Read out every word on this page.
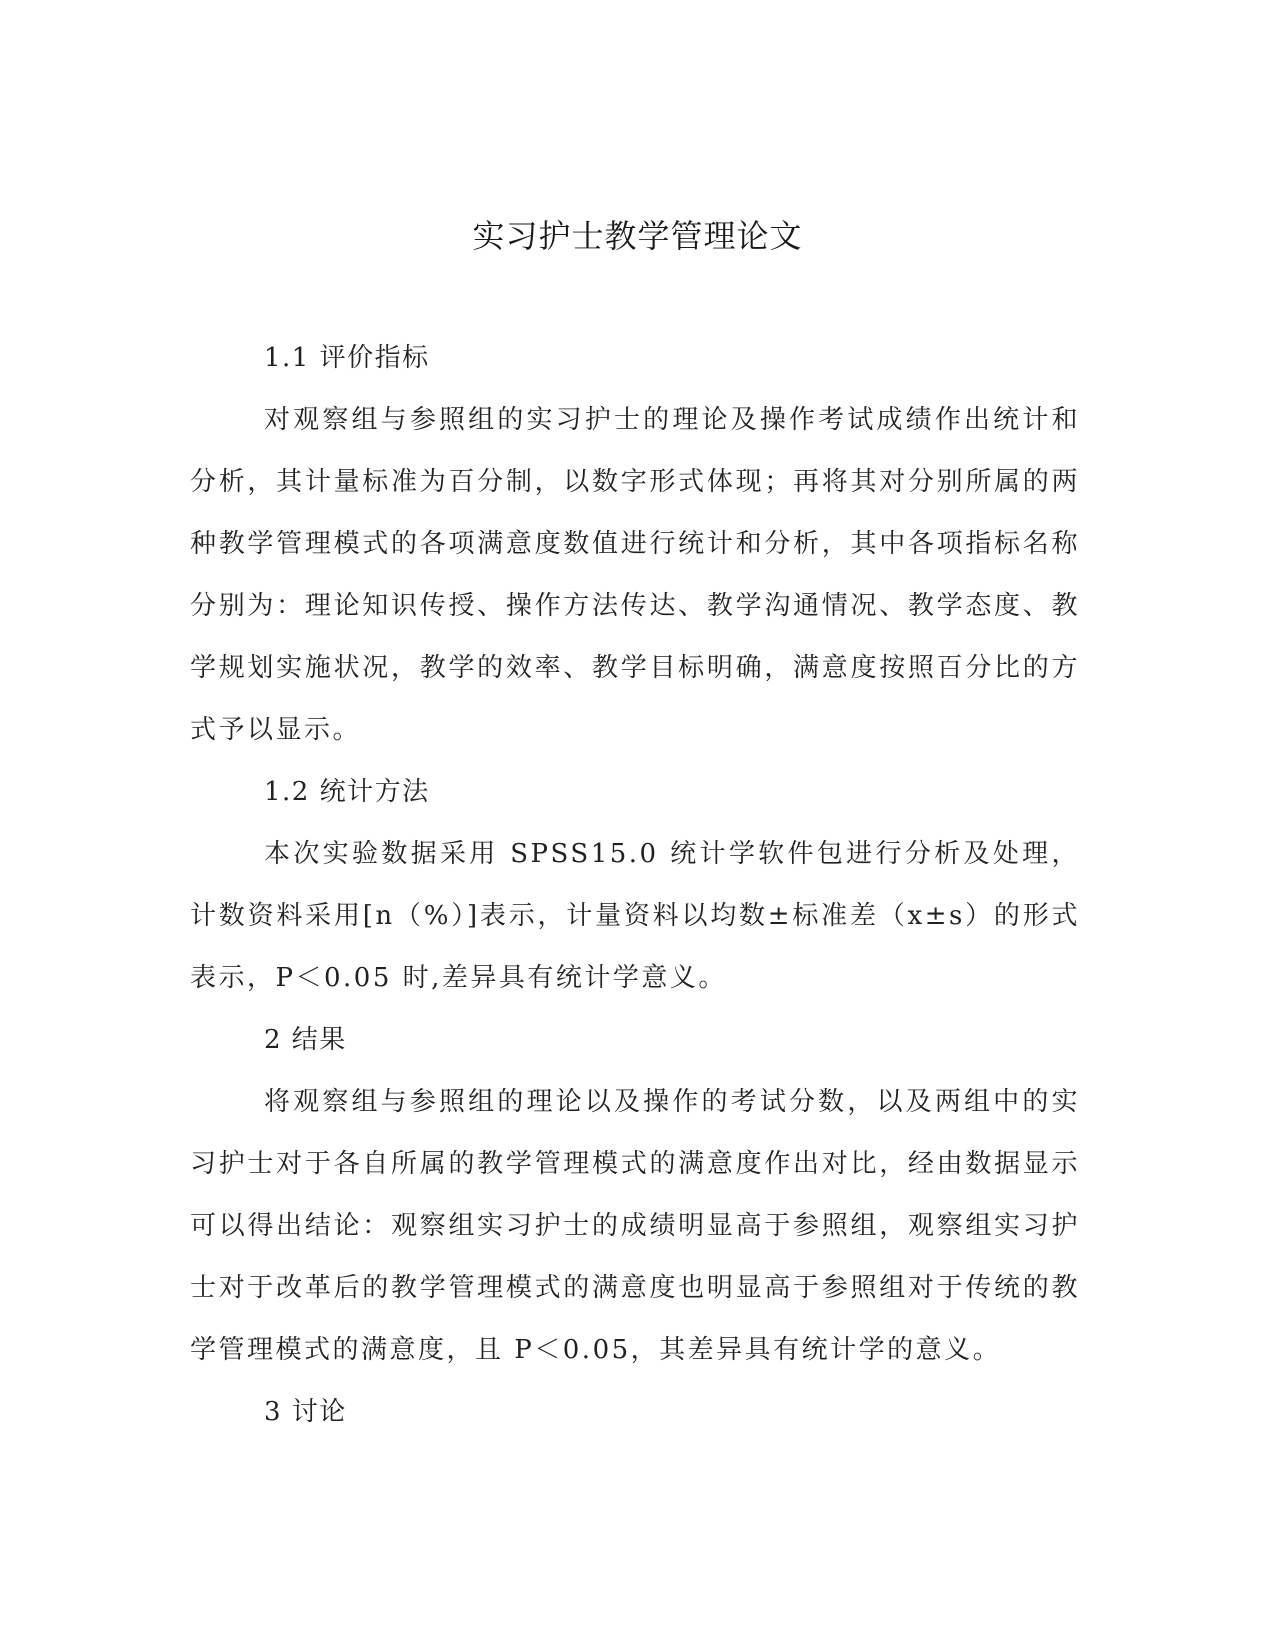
实习护士教学管理论文

1.1 评价指标

对观察组与参照组的实习护士的理论及操作考试成绩作出统计和分析，其计量标准为百分制，以数字形式体现；再将其对分别所属的两种教学管理模式的各项满意度数值进行统计和分析，其中各项指标名称分别为：理论知识传授、操作方法传达、教学沟通情况、教学态度、教学规划实施状况，教学的效率、教学目标明确，满意度按照百分比的方式予以显示。

1.2 统计方法

本次实验数据采用 SPSS15.0 统计学软件包进行分析及处理，计数资料采用[n（%）]表示，计量资料以均数±标准差（x±s）的形式表示，P＜0.05 时,差异具有统计学意义。

2 结果

将观察组与参照组的理论以及操作的考试分数，以及两组中的实习护士对于各自所属的教学管理模式的满意度作出对比，经由数据显示可以得出结论：观察组实习护士的成绩明显高于参照组，观察组实习护士对于改革后的教学管理模式的满意度也明显高于参照组对于传统的教学管理模式的满意度，且 P＜0.05，其差异具有统计学的意义。

3 讨论
